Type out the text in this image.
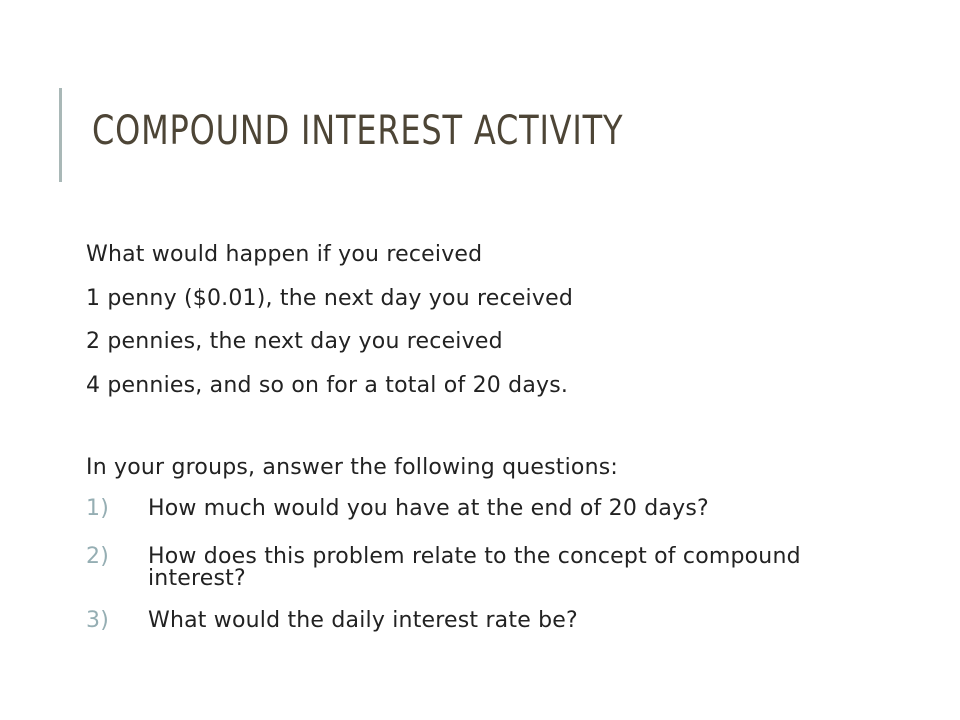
COMPOUND INTEREST ACTIVITY

What would happen if you received

1 penny ($0.01), the next day you received

2 pennies, the next day you received

4 pennies, and so on for a total of 20 days.

In your groups, answer the following questions:

1)	How much would you have at the end of 20 days?
2)	How does this problem relate to the concept of compound
interest?
3)	What would the daily interest rate be?
